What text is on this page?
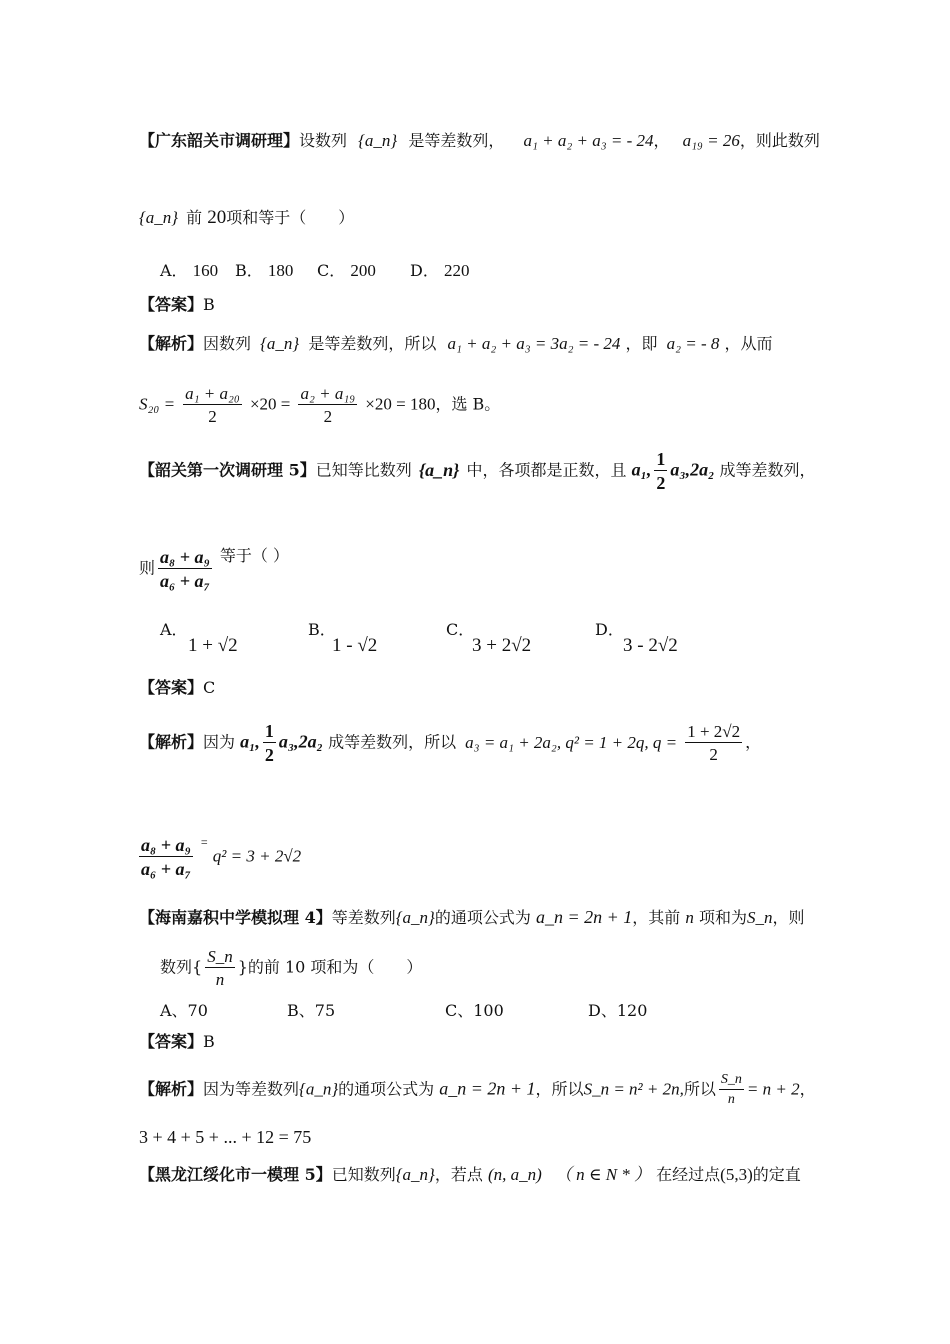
【广东韶关市调研理】设数列 {a_n} 是等差数列， a₁ + a₂ + a₃ = - 24， a₁₉ = 26，则此数列
{a_n} 前 20项和等于（　　）
A． 160 B． 180 C． 200 D． 220
【答案】B
【解析】因数列 {a_n} 是等差数列，所以 a₁ + a₂ + a₃ = 3a₂ = - 24 ，即 a₂ = - 8 ，从而
$S_{20} = \frac{\text{a₁ + a₂₀}}{2} \times 20 = \frac{\text{a₂ + a₁₉}}{2} \times 20 = 180$，选 B。
【韶关第一次调研理 5】已知等比数列 {a_n} 中，各项都是正数，且 a₁, $\frac{1}{2} a_3,2a_2$ 成等差数列，
则 $\frac{\text{a₈ + a₉}}{\text{a₆ + a₇}}$ 等于（ ）
A．
1 + √2
B．
1 - √2
C．
3 + 2√2
D．
3 - 2√2
【答案】C
【解析】因为 a₁, $\frac{1}{2} a_3,2a_2$ 成等差数列，所以 a₃ = a₁ + 2a₂, q² = 1 + 2q, $q = \frac{1 + 2√2}{2}$ ，
$\frac{\text{a₈ + a₉}}{\text{a₆ + a₇}} ^=$ q² = 3 + 2√2
【海南嘉积中学模拟理 4】等差数列{a_n}的通项公式为 a_n = 2n + 1，其前 n 项和为S_n，则
数列{ $\frac{S\_n}{n}$ }的前 10 项和为（　　）
A、70	B、75	C、100	D、120
【答案】B
【解析】因为等差数列{a_n}的通项公式为 a_n = 2n + 1，所以S_n = n² + 2n,所以 $\frac{S\_n}{n} = n + 2$，
3 + 4 + 5 + ... + 12 = 75
【黑龙江绥化市一模理 5】已知数列{a_n}，若点 (n, a_n) （ n ∈ N * ） 在经过点(5,3)的定直
